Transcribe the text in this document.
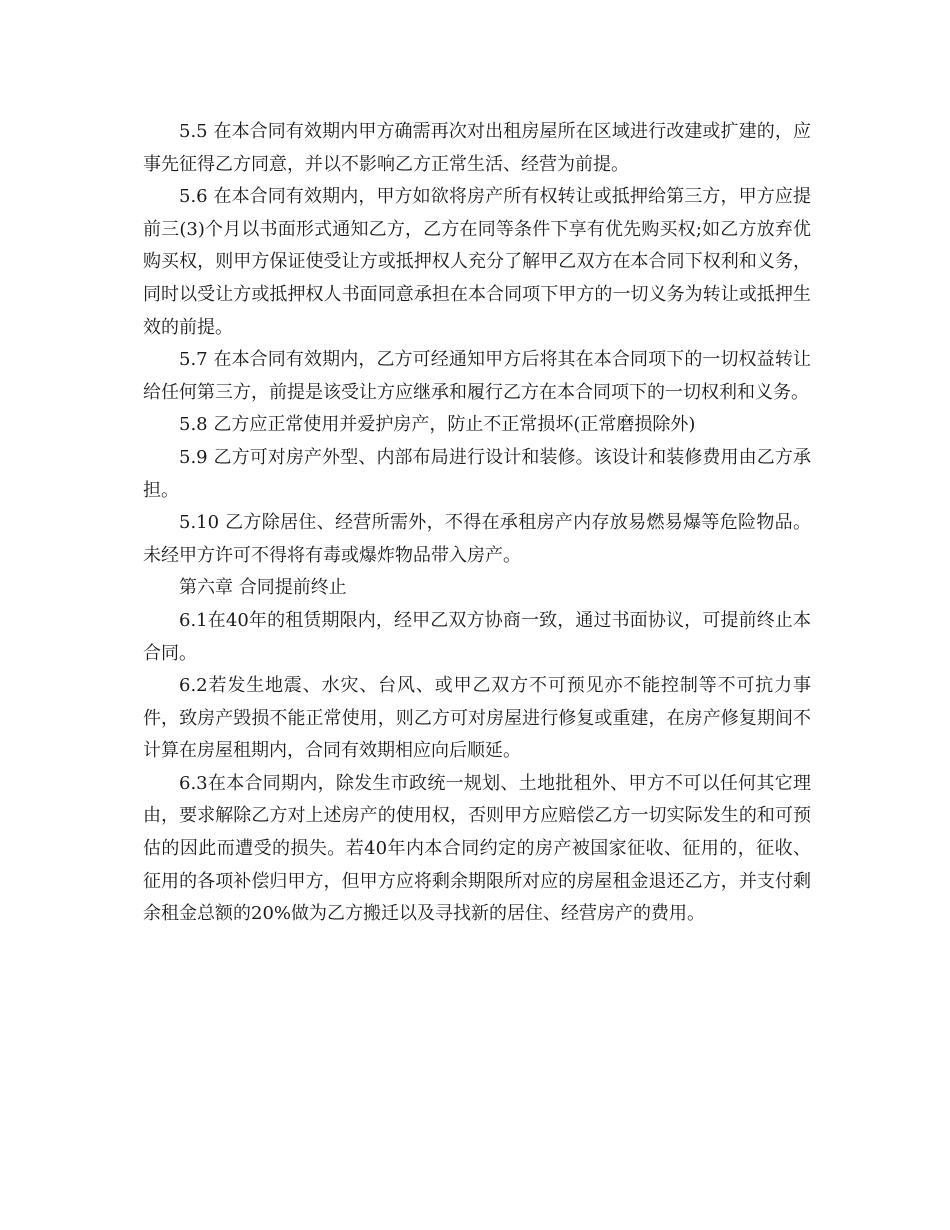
5.5 在本合同有效期内甲方确需再次对出租房屋所在区域进行改建或扩建的，应事先征得乙方同意，并以不影响乙方正常生活、经营为前提。

5.6 在本合同有效期内，甲方如欲将房产所有权转让或抵押给第三方，甲方应提前三(3)个月以书面形式通知乙方，乙方在同等条件下享有优先购买权;如乙方放弃优购买权，则甲方保证使受让方或抵押权人充分了解甲乙双方在本合同下权利和义务，同时以受让方或抵押权人书面同意承担在本合同项下甲方的一切义务为转让或抵押生效的前提。

5.7 在本合同有效期内，乙方可经通知甲方后将其在本合同项下的一切权益转让给任何第三方，前提是该受让方应继承和履行乙方在本合同项下的一切权利和义务。

5.8 乙方应正常使用并爱护房产，防止不正常损坏(正常磨损除外)

5.9 乙方可对房产外型、内部布局进行设计和装修。该设计和装修费用由乙方承担。

5.10 乙方除居住、经营所需外，不得在承租房产内存放易燃易爆等危险物品。未经甲方许可不得将有毒或爆炸物品带入房产。

第六章 合同提前终止

6.1在40年的租赁期限内，经甲乙双方协商一致，通过书面协议，可提前终止本合同。

6.2若发生地震、水灾、台风、或甲乙双方不可预见亦不能控制等不可抗力事件，致房产毁损不能正常使用，则乙方可对房屋进行修复或重建，在房产修复期间不计算在房屋租期内，合同有效期相应向后顺延。

6.3在本合同期内，除发生市政统一规划、土地批租外、甲方不可以任何其它理由，要求解除乙方对上述房产的使用权，否则甲方应赔偿乙方一切实际发生的和可预估的因此而遭受的损失。若40年内本合同约定的房产被国家征收、征用的，征收、征用的各项补偿归甲方，但甲方应将剩余期限所对应的房屋租金退还乙方，并支付剩余租金总额的20%做为乙方搬迁以及寻找新的居住、经营房产的费用。
